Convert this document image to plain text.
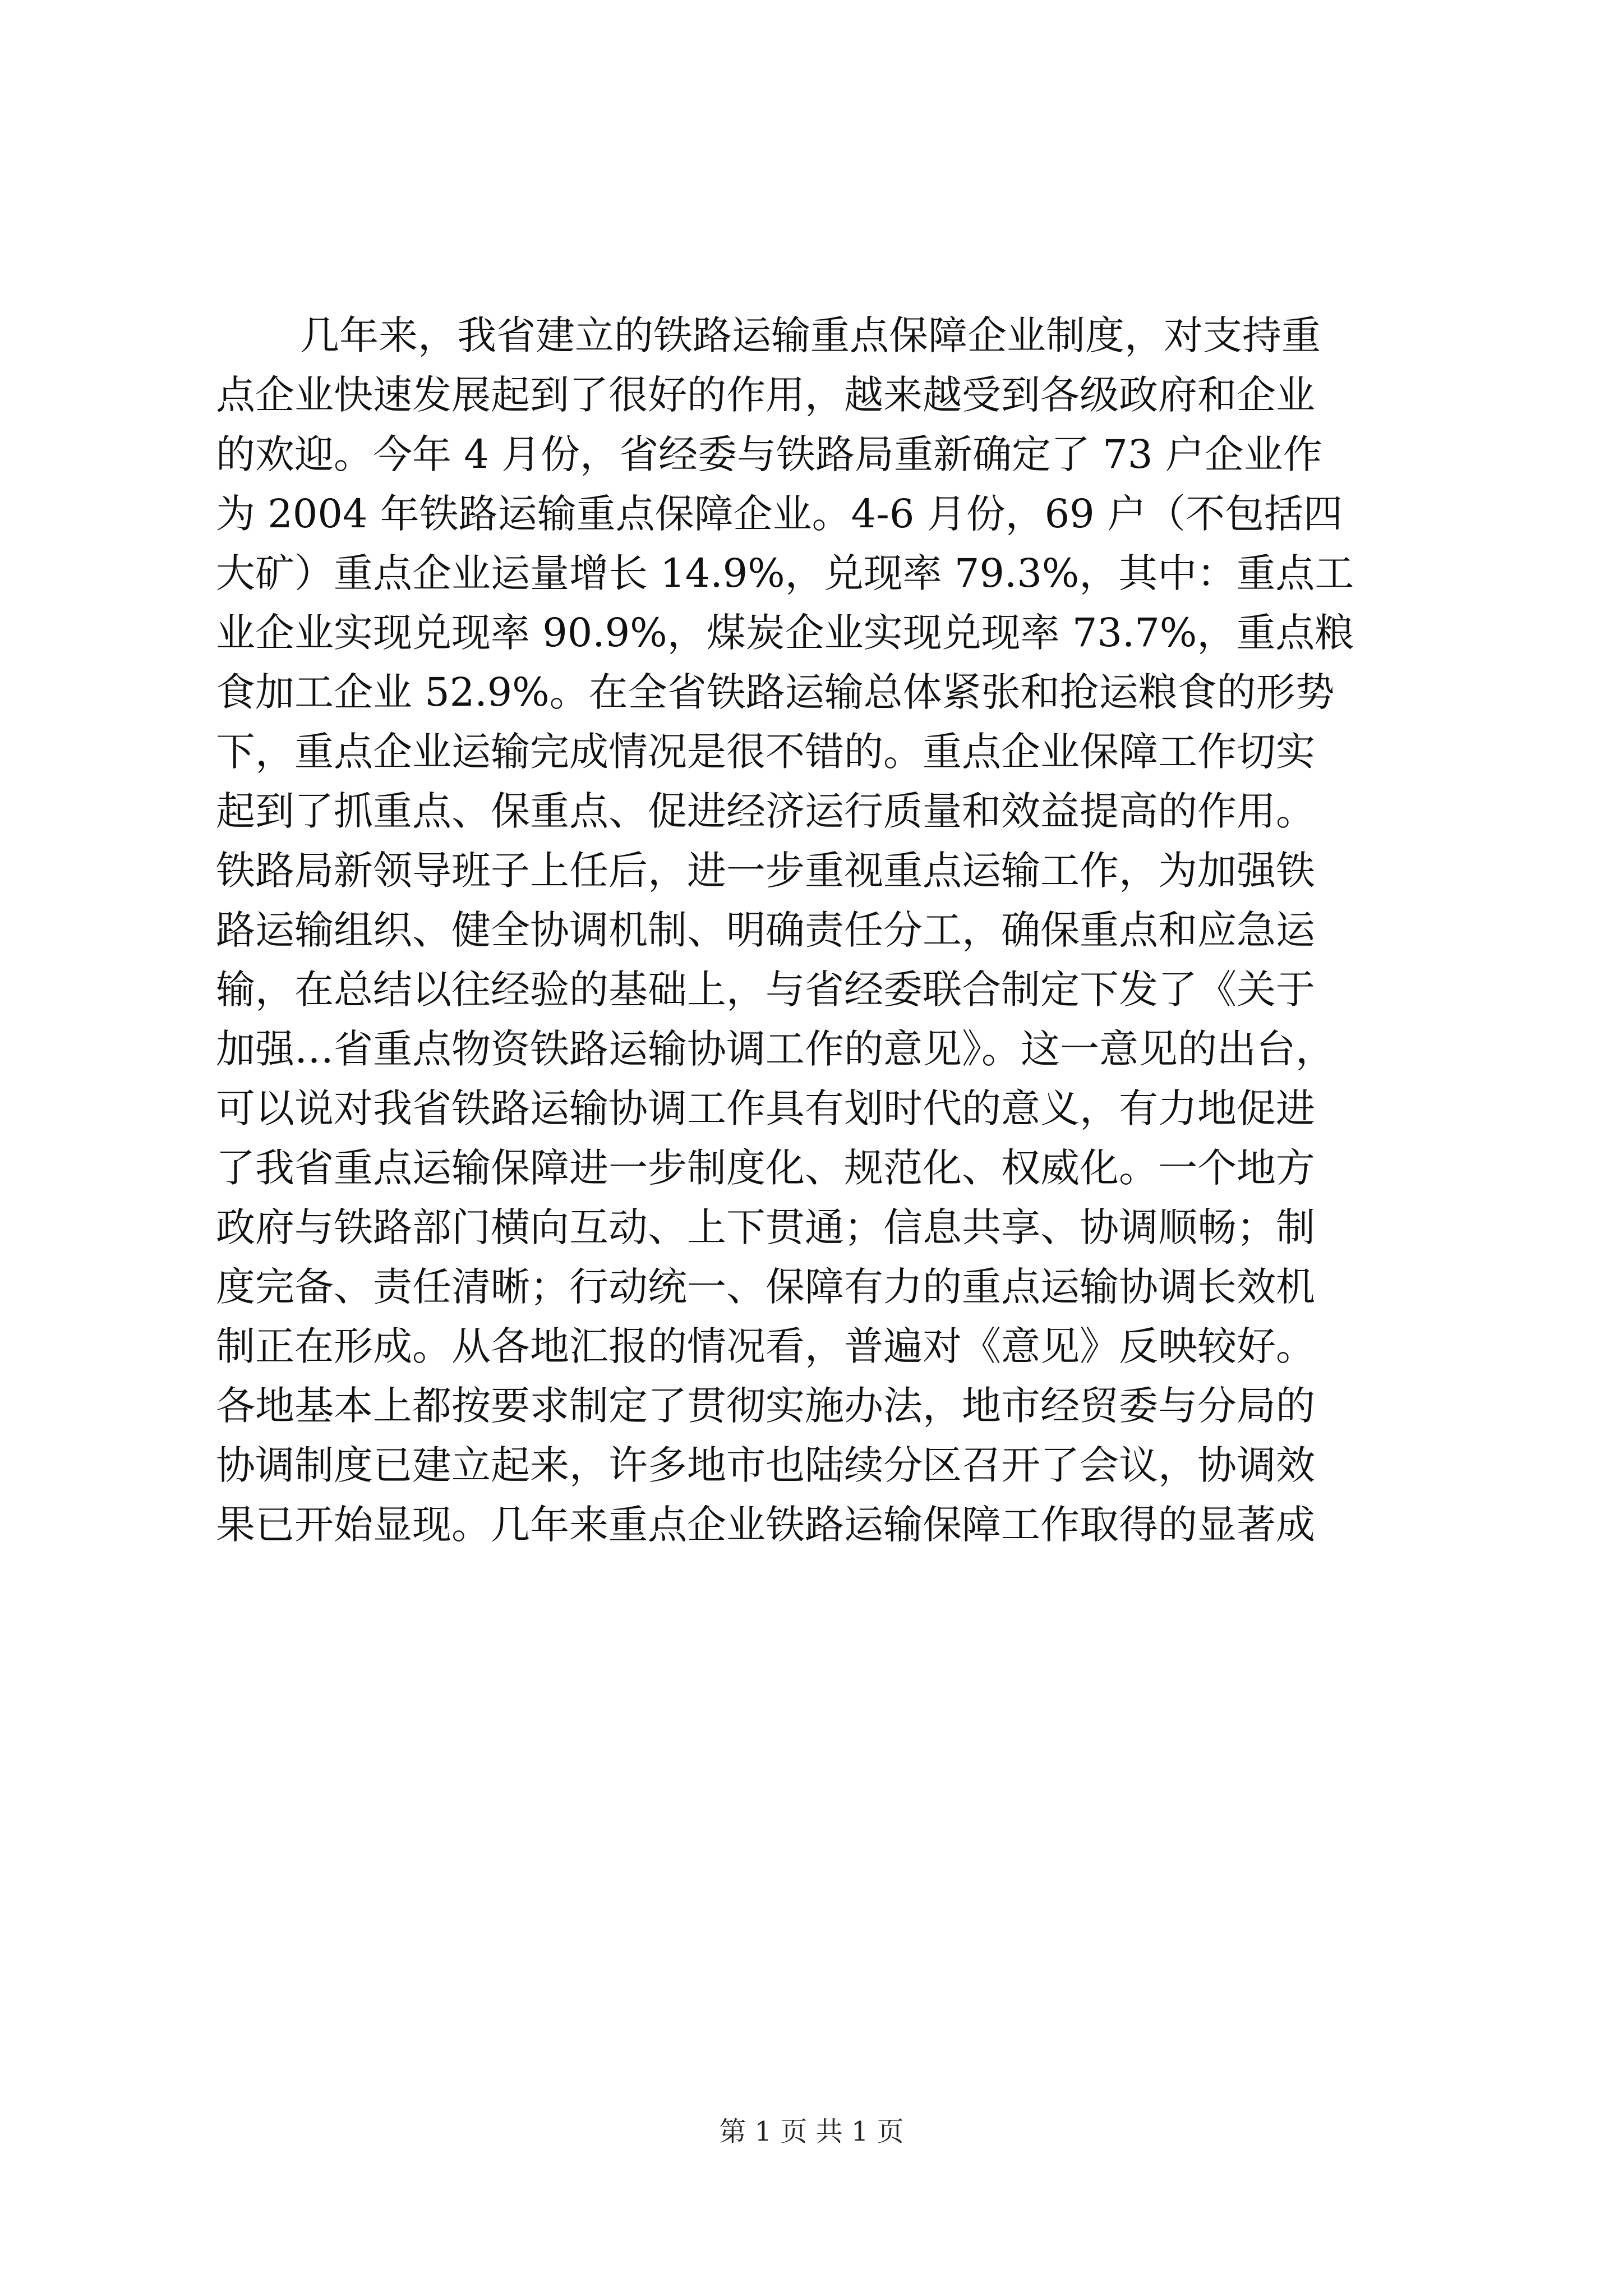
几年来，我省建立的铁路运输重点保障企业制度，对支持重
点企业快速发展起到了很好的作用，越来越受到各级政府和企业
的欢迎。今年 4 月份，省经委与铁路局重新确定了 73 户企业作
为 2004 年铁路运输重点保障企业。4-6 月份，69 户（不包括四
大矿）重点企业运量增长 14.9%，兑现率 79.3%，其中：重点工
业企业实现兑现率 90.9%，煤炭企业实现兑现率 73.7%，重点粮
食加工企业 52.9%。在全省铁路运输总体紧张和抢运粮食的形势
下，重点企业运输完成情况是很不错的。重点企业保障工作切实
起到了抓重点、保重点、促进经济运行质量和效益提高的作用。
铁路局新领导班子上任后，进一步重视重点运输工作，为加强铁
路运输组织、健全协调机制、明确责任分工，确保重点和应急运
输，在总结以往经验的基础上，与省经委联合制定下发了《关于
加强…省重点物资铁路运输协调工作的意见》。这一意见的出台，
可以说对我省铁路运输协调工作具有划时代的意义，有力地促进
了我省重点运输保障进一步制度化、规范化、权威化。一个地方
政府与铁路部门横向互动、上下贯通；信息共享、协调顺畅；制
度完备、责任清晰；行动统一、保障有力的重点运输协调长效机
制正在形成。从各地汇报的情况看，普遍对《意见》反映较好。
各地基本上都按要求制定了贯彻实施办法，地市经贸委与分局的
协调制度已建立起来，许多地市也陆续分区召开了会议，协调效
果已开始显现。几年来重点企业铁路运输保障工作取得的显著成
第 1 页 共 1 页
